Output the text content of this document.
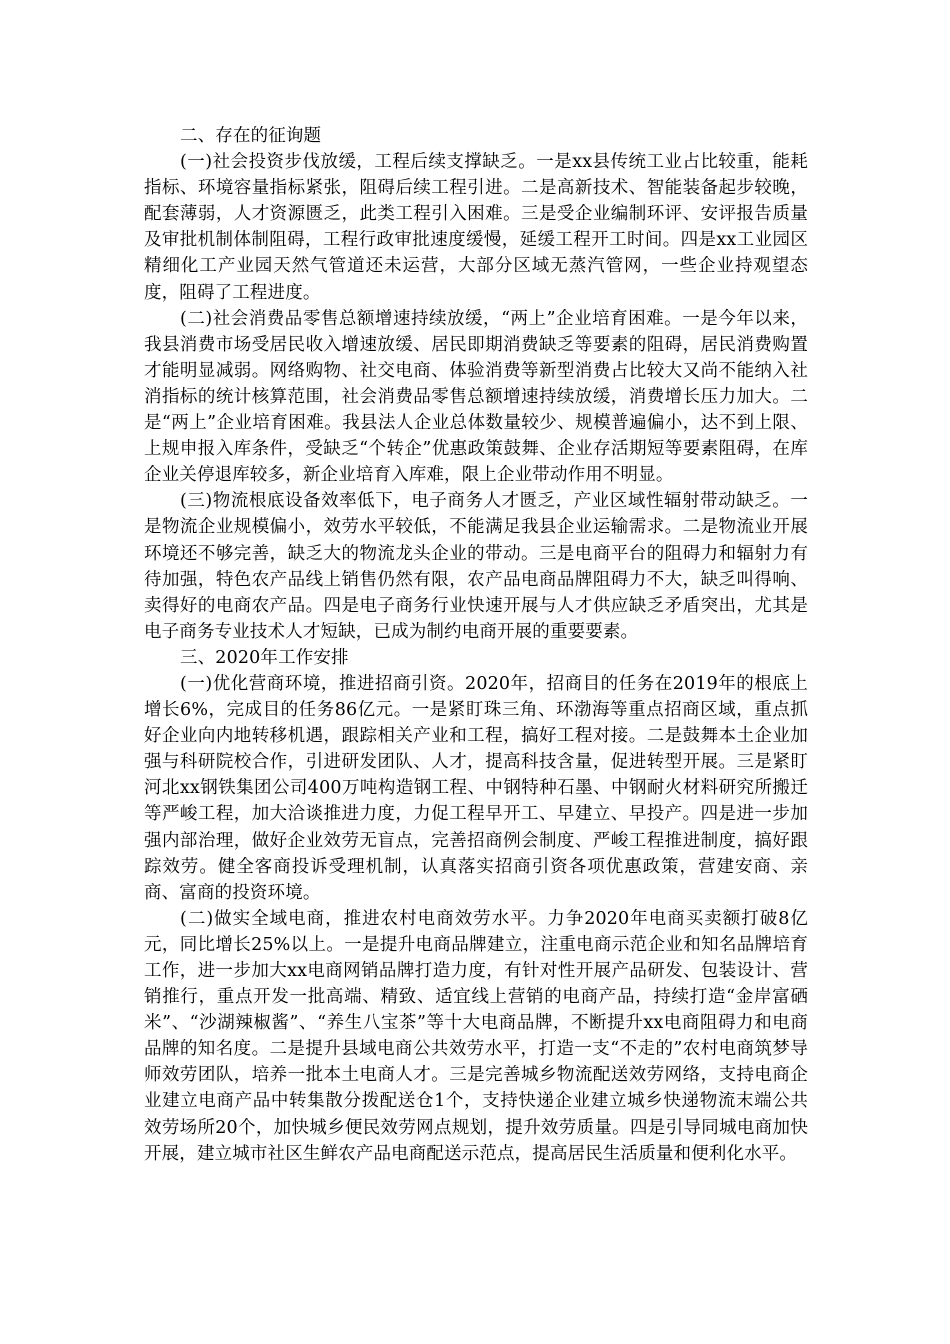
二、存在的征询题

(一)社会投资步伐放缓，工程后续支撑缺乏。一是xx县传统工业占比较重，能耗指标、环境容量指标紧张，阻碍后续工程引进。二是高新技术、智能装备起步较晚，配套薄弱，人才资源匮乏，此类工程引入困难。三是受企业编制环评、安评报告质量及审批机制体制阻碍，工程行政审批速度缓慢，延缓工程开工时间。四是xx工业园区精细化工产业园天然气管道还未运营，大部分区域无蒸汽管网，一些企业持观望态度，阻碍了工程进度。

(二)社会消费品零售总额增速持续放缓，“两上”企业培育困难。一是今年以来，我县消费市场受居民收入增速放缓、居民即期消费缺乏等要素的阻碍，居民消费购置才能明显减弱。网络购物、社交电商、体验消费等新型消费占比较大又尚不能纳入社消指标的统计核算范围，社会消费品零售总额增速持续放缓，消费增长压力加大。二是“两上”企业培育困难。我县法人企业总体数量较少、规模普遍偏小，达不到上限、上规申报入库条件，受缺乏“个转企”优惠政策鼓舞、企业存活期短等要素阻碍，在库企业关停退库较多，新企业培育入库难，限上企业带动作用不明显。

(三)物流根底设备效率低下，电子商务人才匮乏，产业区域性辐射带动缺乏。一是物流企业规模偏小，效劳水平较低，不能满足我县企业运输需求。二是物流业开展环境还不够完善，缺乏大的物流龙头企业的带动。三是电商平台的阻碍力和辐射力有待加强，特色农产品线上销售仍然有限，农产品电商品牌阻碍力不大，缺乏叫得响、卖得好的电商农产品。四是电子商务行业快速开展与人才供应缺乏矛盾突出，尤其是电子商务专业技术人才短缺，已成为制约电商开展的重要要素。

三、2020年工作安排

(一)优化营商环境，推进招商引资。2020年，招商目的任务在2019年的根底上增长6%，完成目的任务86亿元。一是紧盯珠三角、环渤海等重点招商区域，重点抓好企业向内地转移机遇，跟踪相关产业和工程，搞好工程对接。二是鼓舞本土企业加强与科研院校合作，引进研发团队、人才，提高科技含量，促进转型开展。三是紧盯河北xx钢铁集团公司400万吨构造钢工程、中钢特种石墨、中钢耐火材料研究所搬迁等严峻工程，加大洽谈推进力度，力促工程早开工、早建立、早投产。四是进一步加强内部治理，做好企业效劳无盲点，完善招商例会制度、严峻工程推进制度，搞好跟踪效劳。健全客商投诉受理机制，认真落实招商引资各项优惠政策，营建安商、亲商、富商的投资环境。

(二)做实全域电商，推进农村电商效劳水平。力争2020年电商买卖额打破8亿元，同比增长25%以上。一是提升电商品牌建立，注重电商示范企业和知名品牌培育工作，进一步加大xx电商网销品牌打造力度，有针对性开展产品研发、包装设计、营销推行，重点开发一批高端、精致、适宜线上营销的电商产品，持续打造“金岸富硒米”、“沙湖辣椒酱”、“养生八宝茶”等十大电商品牌，不断提升xx电商阻碍力和电商品牌的知名度。二是提升县域电商公共效劳水平，打造一支“不走的”农村电商筑梦导师效劳团队，培养一批本土电商人才。三是完善城乡物流配送效劳网络，支持电商企业建立电商产品中转集散分拨配送仓1个，支持快递企业建立城乡快递物流末端公共效劳场所20个，加快城乡便民效劳网点规划，提升效劳质量。四是引导同城电商加快开展，建立城市社区生鲜农产品电商配送示范点，提高居民生活质量和便利化水平。
